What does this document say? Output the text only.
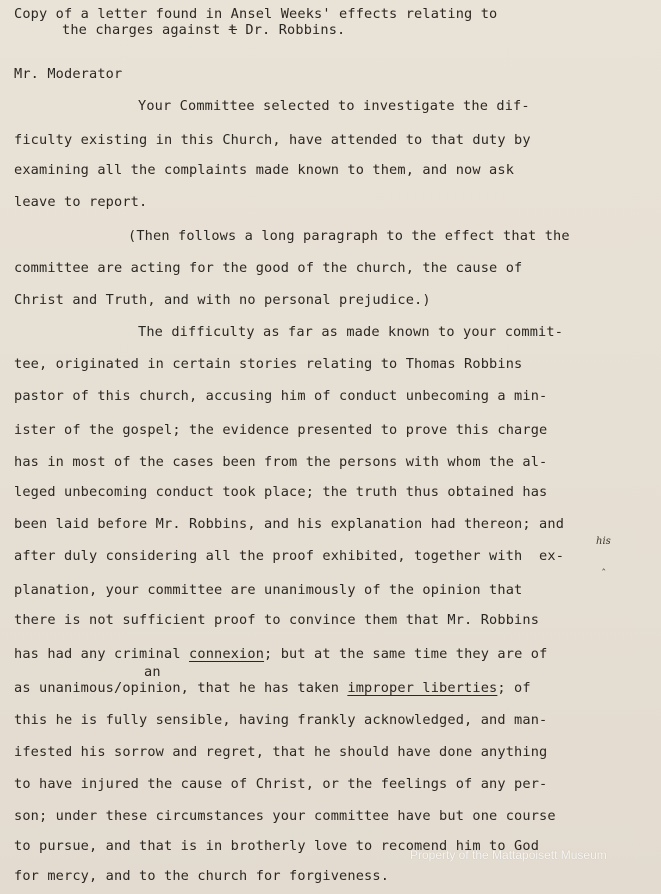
Copy of a letter found in Ansel Weeks' effects relating to
the charges against t Dr. Robbins.
Mr. Moderator
Your Committee selected to investigate the dif-
ficulty existing in this Church, have attended to that duty by
examining all the complaints made known to them, and now ask
leave to report.
(Then follows a long paragraph to the effect that the
committee are acting for the good of the church, the cause of
Christ and Truth, and with no personal prejudice.)
The difficulty as far as made known to your commit-
tee, originated in certain stories relating to Thomas Robbins
pastor of this church, accusing him of conduct unbecoming a min-
ister of the gospel; the evidence presented to prove this charge
has in most of the cases been from the persons with whom the al-
leged unbecoming conduct took place; the truth thus obtained has
been laid before Mr. Robbins, and his explanation had thereon; and
his
after duly considering all the proof exhibited, together with  ex-
‸
planation, your committee are unanimously of the opinion that
there is not sufficient proof to convince them that Mr. Robbins
has had any criminal connexion; but at the same time they are of
an
as unanimous/opinion, that he has taken improper liberties; of
this he is fully sensible, having frankly acknowledged, and man-
ifested his sorrow and regret, that he should have done anything
to have injured the cause of Christ, or the feelings of any per-
son; under these circumstances your committee have but one course
to pursue, and that is in brotherly love to recomend him to God
for mercy, and to the church for forgiveness.
Property of the Mattapoisett Museum
